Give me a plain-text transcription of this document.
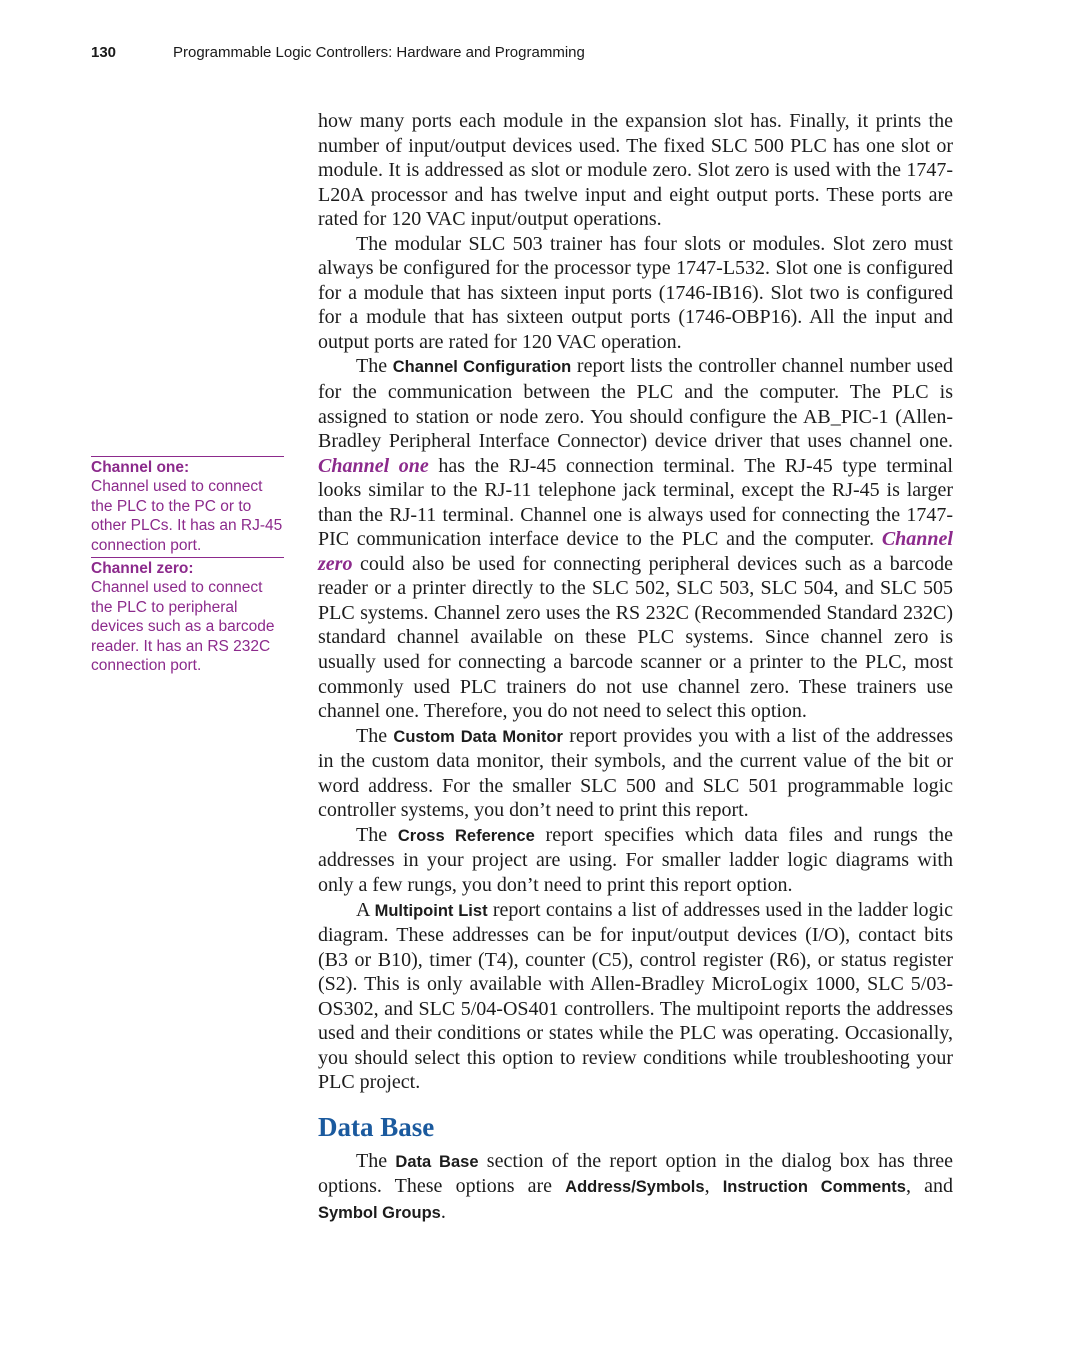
130	Programmable Logic Controllers: Hardware and Programming
Channel one:
Channel used to connect the PLC to the PC or to other PLCs. It has an RJ-45 connection port.
Channel zero:
Channel used to connect the PLC to peripheral devices such as a barcode reader. It has an RS 232C connection port.

how many ports each module in the expansion slot has. Finally, it prints the number of input/output devices used. The fixed SLC 500 PLC has one slot or module. It is addressed as slot or module zero. Slot zero is used with the 1747-L20A processor and has twelve input and eight output ports. These ports are rated for 120 VAC input/output operations.

The modular SLC 503 trainer has four slots or modules. Slot zero must always be configured for the processor type 1747-L532. Slot one is configured for a module that has sixteen input ports (1746-IB16). Slot two is configured for a module that has sixteen output ports (1746-OBP16). All the input and output ports are rated for 120 VAC operation.

The Channel Configuration report lists the controller channel number used for the communication between the PLC and the computer. The PLC is assigned to station or node zero. You should configure the AB_PIC-1 (Allen-Bradley Peripheral Interface Connector) device driver that uses channel one. Channel one has the RJ-45 connection terminal. The RJ-45 type terminal looks similar to the RJ-11 telephone jack terminal, except the RJ-45 is larger than the RJ-11 terminal. Channel one is always used for connecting the 1747-PIC communication interface device to the PLC and the computer. Channel zero could also be used for connecting peripheral devices such as a barcode reader or a printer directly to the SLC 502, SLC 503, SLC 504, and SLC 505 PLC systems. Channel zero uses the RS 232C (Recommended Standard 232C) standard channel available on these PLC systems. Since channel zero is usually used for connecting a barcode scanner or a printer to the PLC, most commonly used PLC trainers do not use channel zero. These trainers use channel one. Therefore, you do not need to select this option.

The Custom Data Monitor report provides you with a list of the addresses in the custom data monitor, their symbols, and the current value of the bit or word address. For the smaller SLC 500 and SLC 501 programmable logic controller systems, you don’t need to print this report.

The Cross Reference report specifies which data files and rungs the addresses in your project are using. For smaller ladder logic diagrams with only a few rungs, you don’t need to print this report option.

A Multipoint List report contains a list of addresses used in the ladder logic diagram. These addresses can be for input/output devices (I/O), contact bits (B3 or B10), timer (T4), counter (C5), control register (R6), or status register (S2). This is only available with Allen-Bradley MicroLogix 1000, SLC 5/03-OS302, and SLC 5/04-OS401 controllers. The multipoint reports the addresses used and their conditions or states while the PLC was operating. Occasionally, you should select this option to review conditions while troubleshooting your PLC project.

Data Base

The Data Base section of the report option in the dialog box has three options. These options are Address/Symbols, Instruction Comments, and Symbol Groups.
